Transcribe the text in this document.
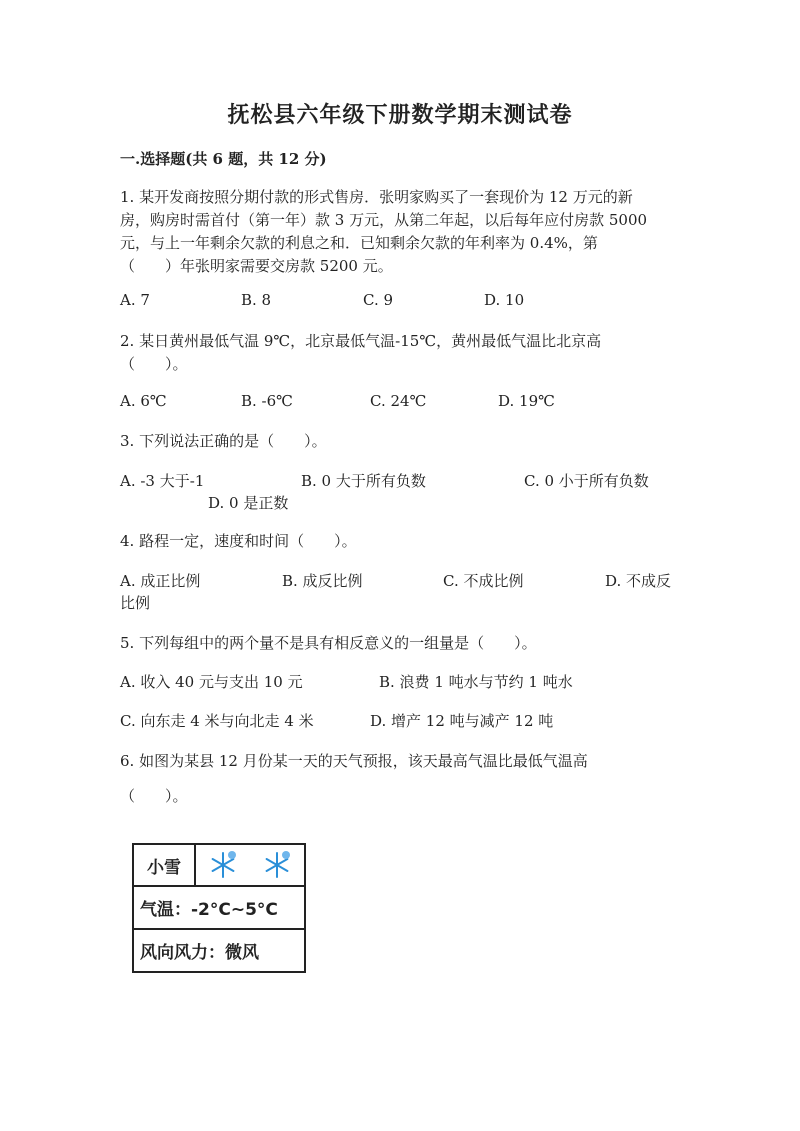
抚松县六年级下册数学期末测试卷
一.选择题(共 6 题，共 12 分)
1. 某开发商按照分期付款的形式售房．张明家购买了一套现价为 12 万元的新
房，购房时需首付（第一年）款 3 万元，从第二年起，以后每年应付房款 5000
元，与上一年剩余欠款的利息之和．已知剩余欠款的年利率为 0.4%，第
（　　）年张明家需要交房款 5200 元。
A. 7	B. 8	C. 9	D. 10
2. 某日黄州最低气温 9℃，北京最低气温-15℃，黄州最低气温比北京高
（　　）。
A. 6℃	B. -6℃	C. 24℃	D. 19℃
3. 下列说法正确的是（　　）。
A. -3 大于-1	B. 0 大于所有负数	C. 0 小于所有负数
D. 0 是正数
4. 路程一定，速度和时间（　　）。
A. 成正比例	B. 成反比例	C. 不成比例	D. 不成反
比例
5. 下列每组中的两个量不是具有相反意义的一组量是（　　）。
A. 收入 40 元与支出 10 元	B. 浪费 1 吨水与节约 1 吨水
C. 向东走 4 米与向北走 4 米	D. 增产 12 吨与减产 12 吨
6. 如图为某县 12 月份某一天的天气预报，该天最高气温比最低气温高
（　　）。
小雪
气温：-2°C~5°C
风向风力：微风
